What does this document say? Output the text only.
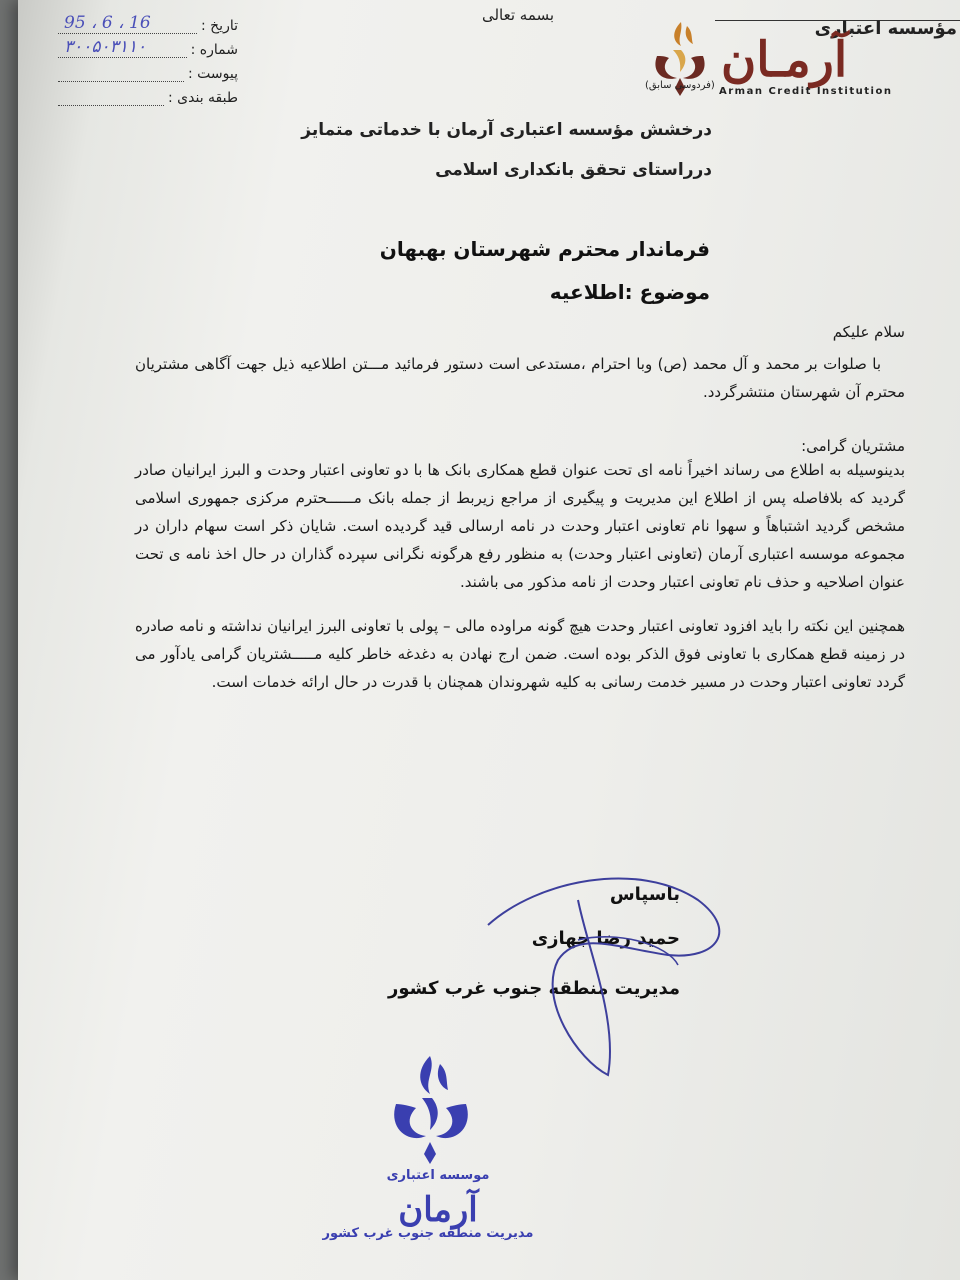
بسمه تعالی
تاریخ :
95 ، 6 ، 16
شماره :
۳۰۰۵۰۳۱۱۰
پیوست :
طبقه بندی :
مؤسسه اعتباری
آرمـان
(فردوسی سابق)
Arman Credit Institution
درخشش مؤسسه اعتباری آرمان با خدماتی متمایز
درراستای تحقق بانکداری اسلامی
فرماندار محترم شهرستان بهبهان
موضوع :اطلاعیه
سلام علیکم
با صلوات بر محمد و آل محمد (ص) وبا احترام ،مستدعی است دستور فرمائید مـــتن اطلاعیه ذیل جهت آگاهی مشتریان محترم آن شهرستان منتشرگردد.
مشتریان گرامی:
بدینوسیله به اطلاع می رساند اخیراً نامه ای تحت عنوان قطع همکاری بانک ها با دو تعاونی اعتبار وحدت و البرز ایرانیان صادر گردید که بلافاصله پس از اطلاع این مدیریت و پیگیری از مراجع زیربط از جمله بانک مــــــحترم مرکزی جمهوری اسلامی مشخص گردید اشتباهاً و سهوا نام تعاونی اعتبار وحدت در نامه ارسالی قید گردیده است. شایان ذکر است سهام داران در مجموعه موسسه اعتباری آرمان (تعاونی اعتبار وحدت) به منظور رفع هرگونه نگرانی سپرده گذاران در حال اخذ نامه ی تحت عنوان اصلاحیه و حذف نام تعاونی اعتبار وحدت از نامه مذکور می باشند.
همچنین این نکته را باید افزود تعاونی اعتبار وحدت هیچ گونه مراوده مالی – پولی با تعاونی البرز ایرانیان نداشته و نامه صادره در زمینه قطع همکاری با تعاونی فوق الذکر بوده است. ضمن ارج نهادن به دغدغه خاطر کلیه مـــــشتریان گرامی یادآور می گردد تعاونی اعتبار وحدت در مسیر خدمت رسانی به کلیه شهروندان همچنان با قدرت در حال ارائه خدمات است.
باسپاس
حمید رضا جهازی
مدیریت منطقه جنوب غرب کشور
موسسه اعتباری
آرمان
مدیریت منطقه جنوب غرب کشور
